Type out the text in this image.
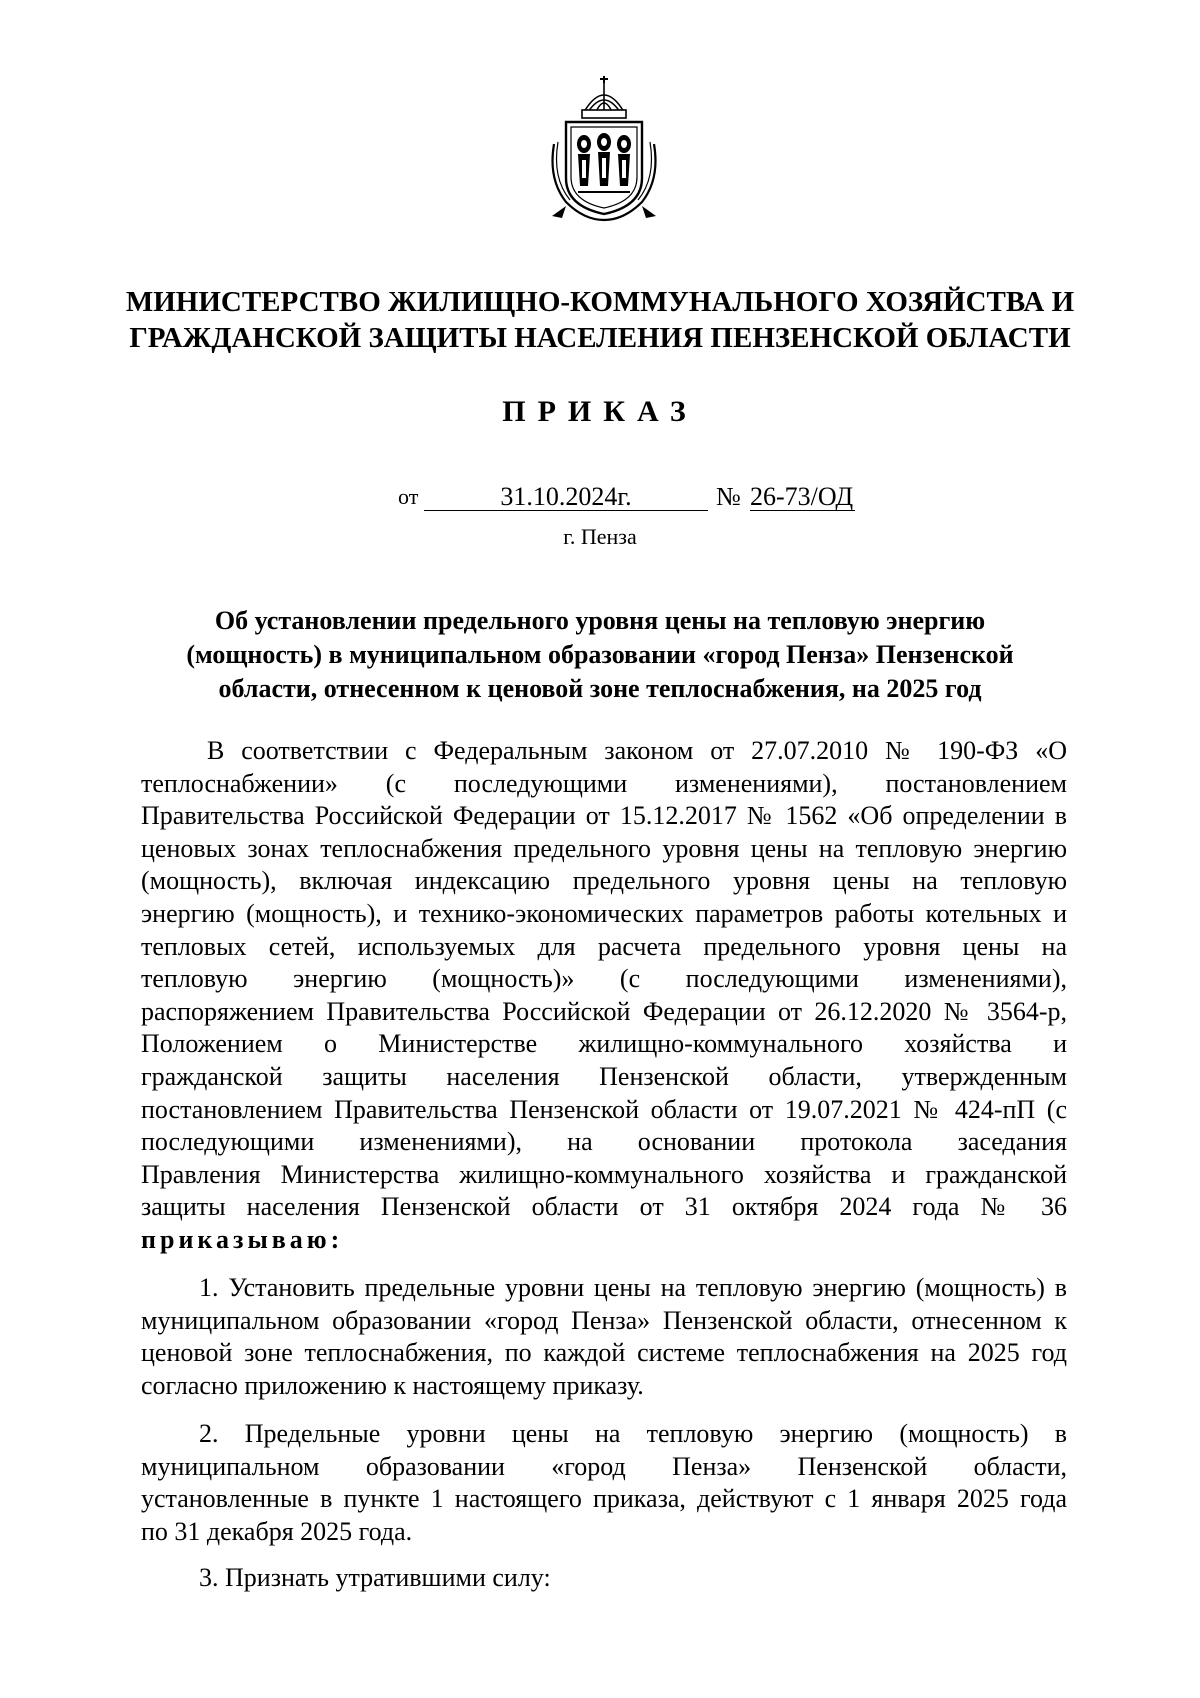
МИНИСТЕРСТВО ЖИЛИЩНО-КОММУНАЛЬНОГО ХОЗЯЙСТВА И
ГРАЖДАНСКОЙ ЗАЩИТЫ НАСЕЛЕНИЯ ПЕНЗЕНСКОЙ ОБЛАСТИ
ПРИКАЗ
от	31.10.2024г.	№ 26-73/ОД
г. Пенза
Об установлении предельного уровня цены на тепловую энергию
(мощность) в муниципальном образовании «город Пенза» Пензенской
области, отнесенном к ценовой зоне теплоснабжения, на 2025 год
В соответствии с Федеральным законом от 27.07.2010 № 190-ФЗ «О
теплоснабжении» (с последующими изменениями), постановлением
Правительства Российской Федерации от 15.12.2017 № 1562 «Об определении в
ценовых зонах теплоснабжения предельного уровня цены на тепловую энергию
(мощность), включая индексацию предельного уровня цены на тепловую
энергию (мощность), и технико-экономических параметров работы котельных и
тепловых сетей, используемых для расчета предельного уровня цены на
тепловую энергию (мощность)» (с последующими изменениями),
распоряжением Правительства Российской Федерации от 26.12.2020 № 3564-р,
Положением о Министерстве жилищно-коммунального хозяйства и
гражданской защиты населения Пензенской области, утвержденным
постановлением Правительства Пензенской области от 19.07.2021 № 424-пП (с
последующими изменениями), на основании протокола заседания
Правления Министерства жилищно-коммунального хозяйства и гражданской
защиты населения Пензенской области от 31 октября 2024 года № 36
приказываю:
1. Установить предельные уровни цены на тепловую энергию (мощность) в
муниципальном образовании «город Пенза» Пензенской области, отнесенном к
ценовой зоне теплоснабжения, по каждой системе теплоснабжения на 2025 год
согласно приложению к настоящему приказу.
2. Предельные уровни цены на тепловую энергию (мощность) в
муниципальном образовании «город Пенза» Пензенской области,
установленные в пункте 1 настоящего приказа, действуют с 1 января 2025 года
по 31 декабря 2025 года.
3. Признать утратившими силу:
